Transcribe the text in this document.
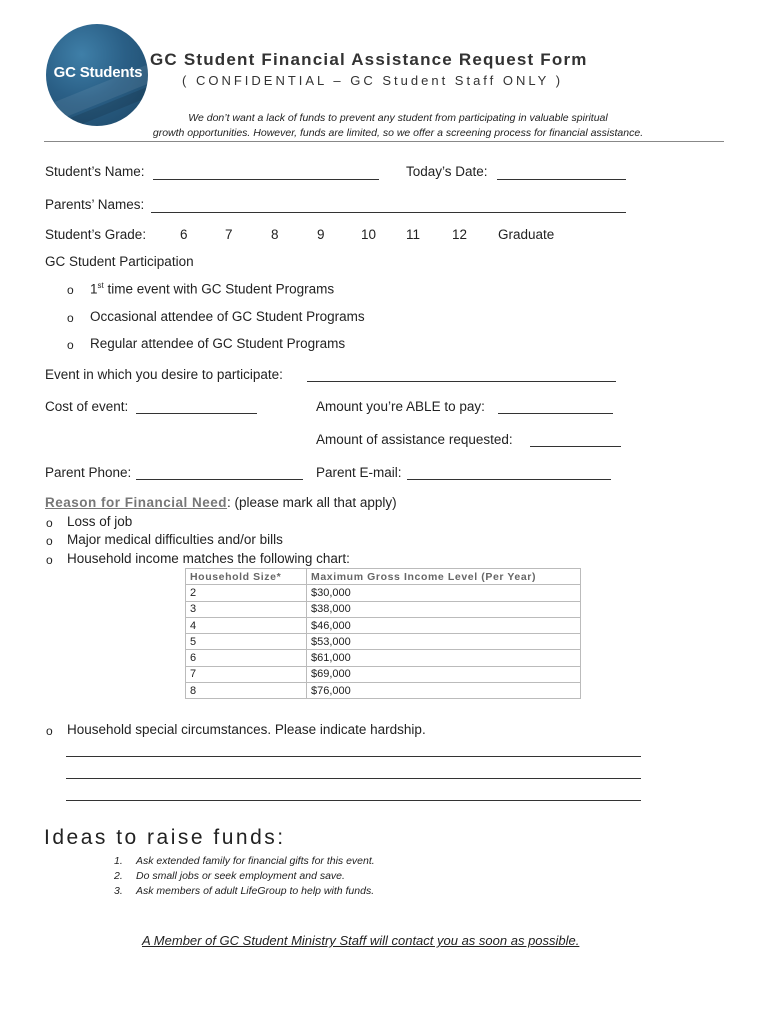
GC Students
GC Student Financial Assistance Request Form
( CONFIDENTIAL – GC Student Staff ONLY )
We don’t want a lack of funds to prevent any student from participating in valuable spiritual
growth opportunities. However, funds are limited, so we offer a screening process for financial assistance.
Student’s Name:	Today’s Date:
Parents’ Names:
Student’s Grade:	6	7	8	9	10 11 12 Graduate
GC Student Participation
o 1st time event with GC Student Programs
o Occasional attendee of GC Student Programs
o Regular attendee of GC Student Programs
Event in which you desire to participate:
Cost of event:	Amount you’re ABLE to pay:
Amount of assistance requested:
Parent Phone:	Parent E-mail:
Reason for Financial Need: (please mark all that apply)
o Loss of job
o Major medical difficulties and/or bills
o Household income matches the following chart:
Household Size*	Maximum Gross Income Level (Per Year)
2	$30,000
3	$38,000
4	$46,000
5	$53,000
6	$61,000
7	$69,000
8	$76,000
o Household special circumstances. Please indicate hardship.
Ideas to raise funds:
1. Ask extended family for financial gifts for this event.
2. Do small jobs or seek employment and save.
3. Ask members of adult LifeGroup to help with funds.
A Member of GC Student Ministry Staff will contact you as soon as possible.
